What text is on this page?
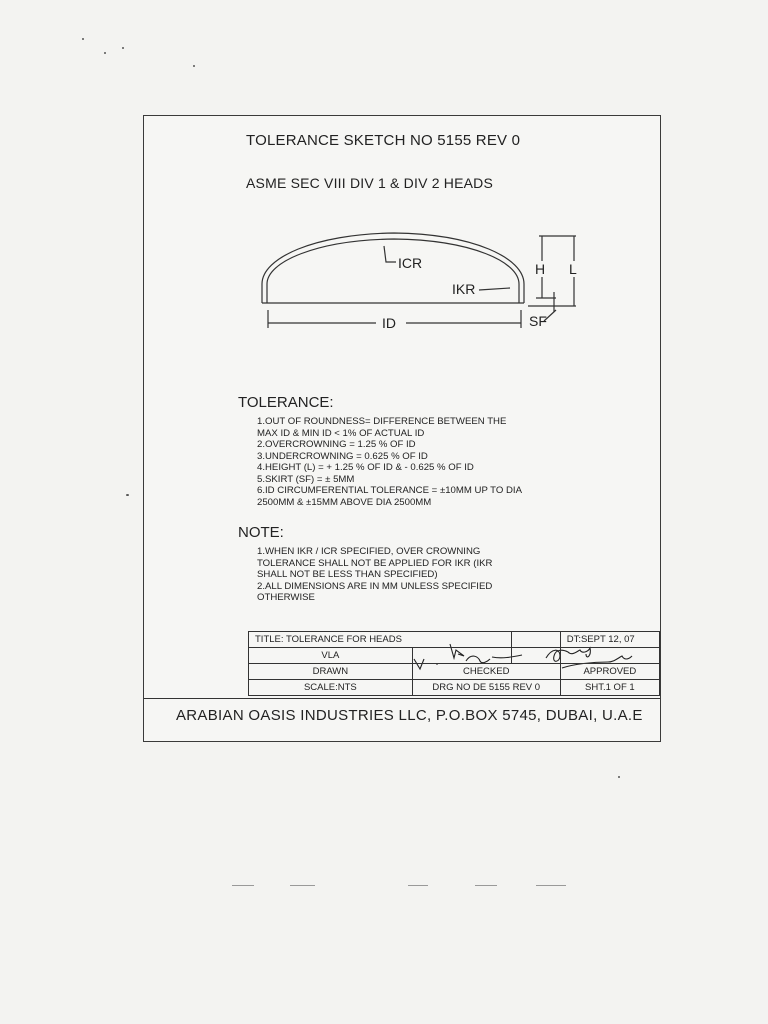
TOLERANCE SKETCH NO 5155 REV 0
ASME SEC VIII DIV 1 & DIV 2 HEADS
ICR
IKR
H L
ID	SF
TOLERANCE:
1.OUT OF ROUNDNESS= DIFFERENCE BETWEEN THE
MAX ID & MIN ID < 1% OF ACTUAL ID
2.OVERCROWNING = 1.25 % OF ID
3.UNDERCROWNING = 0.625 % OF ID
4.HEIGHT (L) = + 1.25 % OF ID & - 0.625 % OF ID
5.SKIRT (SF) = ± 5MM
6.ID CIRCUMFERENTIAL TOLERANCE = ±10MM UP TO DIA
2500MM & ±15MM ABOVE DIA 2500MM
NOTE:
1.WHEN IKR / ICR SPECIFIED, OVER CROWNING
TOLERANCE SHALL NOT BE APPLIED FOR IKR (IKR
SHALL NOT BE LESS THAN SPECIFIED)
2.ALL DIMENSIONS ARE IN MM UNLESS SPECIFIED
OTHERWISE
TITLE: TOLERANCE FOR HEADS			DT:SEPT 12, 07
VLA			
DRAWN	CHECKED		APPROVED
SCALE:NTS	DRG NO DE 5155 REV 0		SHT.1 OF 1
ARABIAN OASIS INDUSTRIES LLC, P.O.BOX 5745, DUBAI, U.A.E
